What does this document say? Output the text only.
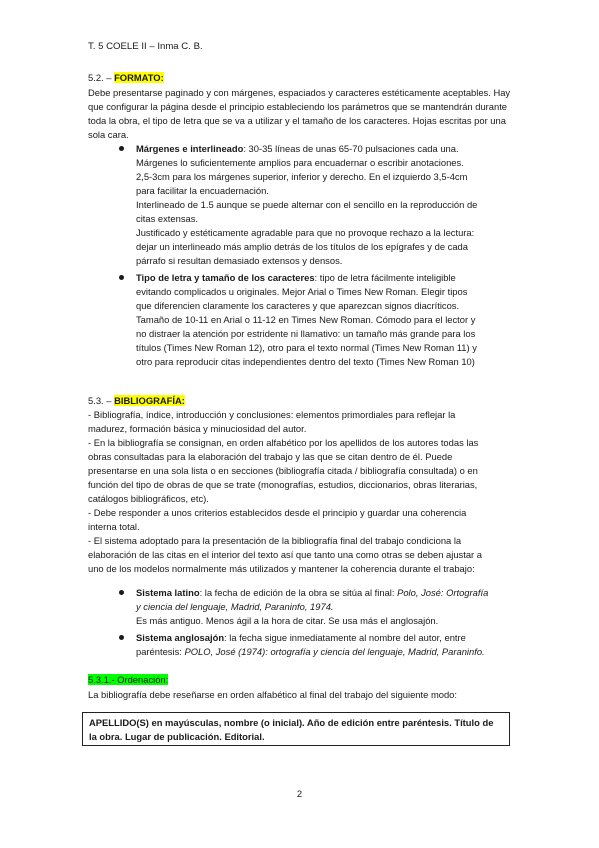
T. 5 COELE II – Inma C. B.
5.2. – FORMATO:
Debe presentarse paginado y con márgenes, espaciados y caracteres estéticamente aceptables. Hay que configurar la página desde el principio estableciendo los parámetros que se mantendrán durante toda la obra, el tipo de letra que se va a utilizar y el tamaño de los caracteres. Hojas escritas por una sola cara.
Márgenes e interlineado: 30-35 líneas de unas 65-70 pulsaciones cada una.
Márgenes lo suficientemente amplios para encuadernar o escribir anotaciones.
2,5-3cm para los márgenes superior, inferior y derecho. En el izquierdo 3,5-4cm
para facilitar la encuadernación.
Interlineado de 1.5 aunque se puede alternar con el sencillo en la reproducción de
citas extensas.
Justificado y estéticamente agradable para que no provoque rechazo a la lectura:
dejar un interlineado más amplio detrás de los títulos de los epígrafes y de cada
párrafo si resultan demasiado extensos y densos.
Tipo de letra y tamaño de los caracteres: tipo de letra fácilmente inteligible
evitando complicados u originales. Mejor Arial o Times New Roman. Elegir tipos
que diferencien claramente los caracteres y que aparezcan signos diacríticos.
Tamaño de 10-11 en Arial o 11-12 en Times New Roman. Cómodo para el lector y
no distraer la atención por estridente ni llamativo: un tamaño más grande para los
títulos (Times New Roman 12), otro para el texto normal (Times New Roman 11) y
otro para reproducir citas independientes dentro del texto (Times New Roman 10)
5.3. – BIBLIOGRAFÍA:
- Bibliografía, índice, introducción y conclusiones: elementos primordiales para reflejar la
madurez, formación básica y minuciosidad del autor.
- En la bibliografía se consignan, en orden alfabético por los apellidos de los autores todas las
obras consultadas para la elaboración del trabajo y las que se citan dentro de él. Puede
presentarse en una sola lista o en secciones (bibliografía citada / bibliografía consultada) o en
función del tipo de obras de que se trate (monografías, estudios, diccionarios, obras literarias,
catálogos bibliográficos, etc).
- Debe responder a unos criterios establecidos desde el principio y guardar una coherencia
interna total.
- El sistema adoptado para la presentación de la bibliografía final del trabajo condiciona la
elaboración de las citas en el interior del texto así que tanto una como otras se deben ajustar a
uno de los modelos normalmente más utilizados y mantener la coherencia durante el trabajo:
Sistema latino: la fecha de edición de la obra se sitúa al final: Polo, José: Ortografía
y ciencia del lenguaje, Madrid, Paraninfo, 1974.
Es más antiguo. Menos ágil a la hora de citar. Se usa más el anglosajón.
Sistema anglosajón: la fecha sigue inmediatamente al nombre del autor, entre
paréntesis: POLO, José (1974): ortografía y ciencia del lenguaje, Madrid, Paraninfo.
5.3.1.- Ordenación:
La bibliografía debe reseñarse en orden alfabético al final del trabajo del siguiente modo:
APELLIDO(S) en mayúsculas, nombre (o inicial). Año de edición entre paréntesis. Título de
la obra. Lugar de publicación. Editorial.
2
